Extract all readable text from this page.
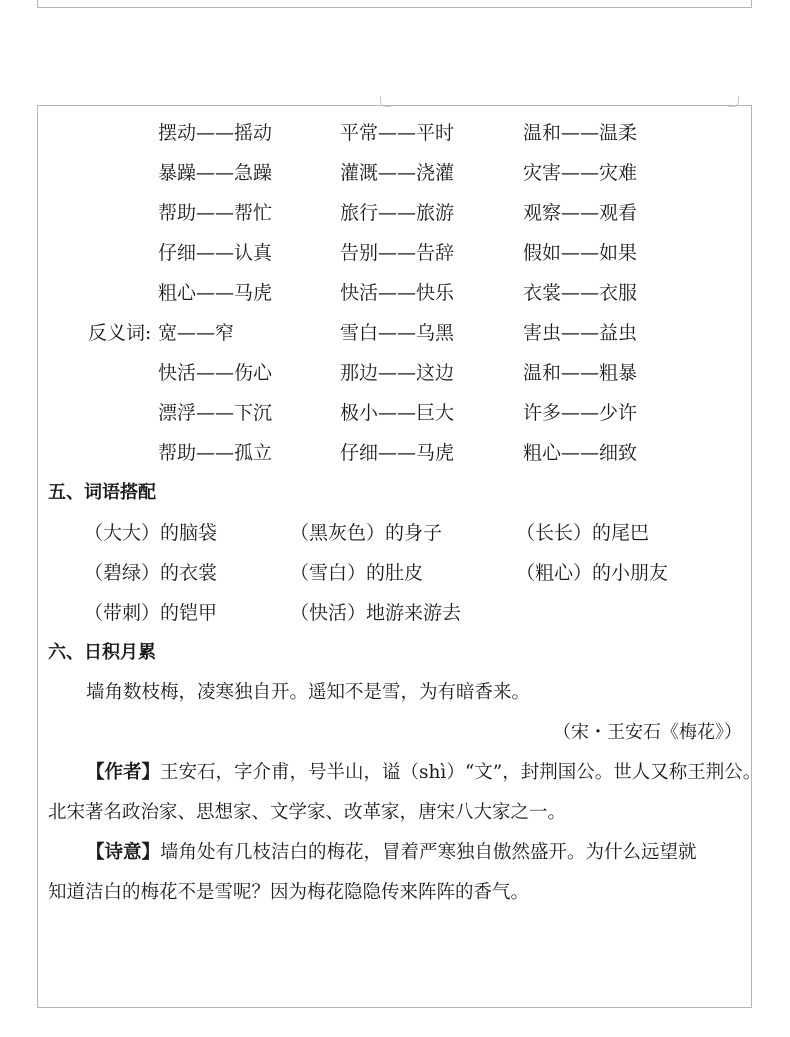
摆动——摇动	平常——平时	温和——温柔
暴躁——急躁	灌溉——浇灌	灾害——灾难
帮助——帮忙	旅行——旅游	观察——观看
仔细——认真	告别——告辞	假如——如果
粗心——马虎	快活——快乐	衣裳——衣服
反义词: 宽——窄	雪白——乌黑	害虫——益虫
快活——伤心	那边——这边	温和——粗暴
漂浮——下沉	极小——巨大	许多——少许
帮助——孤立	仔细——马虎	粗心——细致
五、词语搭配
（大大）的脑袋	（黑灰色）的身子	（长长）的尾巴
（碧绿）的衣裳	（雪白）的肚皮	（粗心）的小朋友
（带刺）的铠甲	（快活）地游来游去
六、日积月累
墙角数枝梅，凌寒独自开。遥知不是雪，为有暗香来。
（宋・王安石《梅花》）
【作者】王安石，字介甫，号半山，谥（shì）“文”，封荆国公。世人又称王荆公。
北宋著名政治家、思想家、文学家、改革家，唐宋八大家之一。
【诗意】墙角处有几枝洁白的梅花，冒着严寒独自傲然盛开。为什么远望就
知道洁白的梅花不是雪呢？因为梅花隐隐传来阵阵的香气。
